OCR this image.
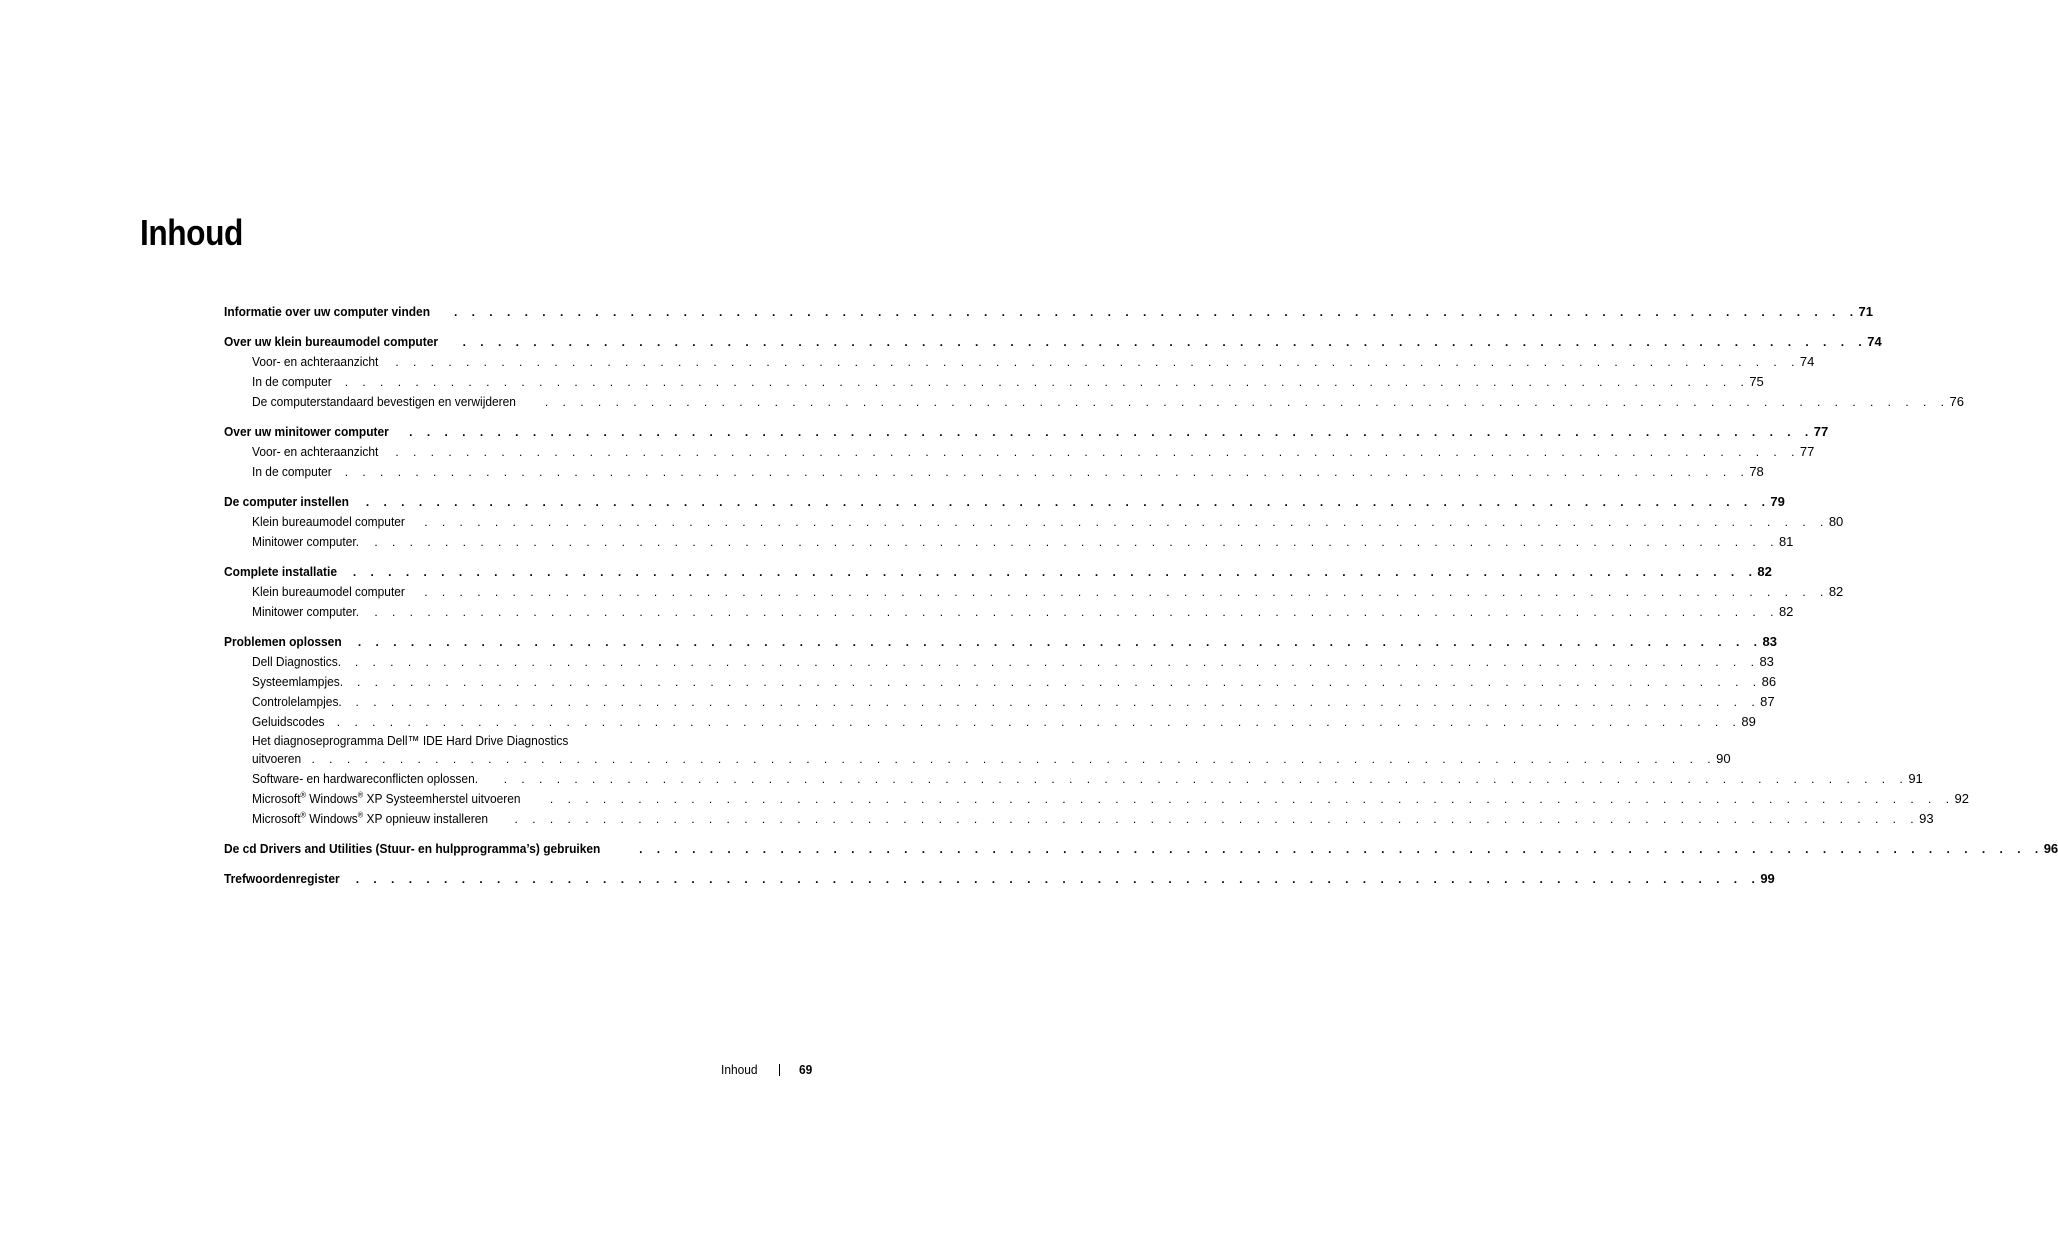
Inhoud
Informatie over uw computer vinden	. . . . . . . . . . . . . . . . . . . . . . . . . . . . . . . . . . . . . . . . . . . . . . . . . . . . . . . . . . . . . . . . . . . . . . . . . . . . . . . . 71
Over uw klein bureaumodel computer	. . . . . . . . . . . . . . . . . . . . . . . . . . . . . . . . . . . . . . . . . . . . . . . . . . . . . . . . . . . . . . . . . . . . . . . . . . . . . . . . 74
Voor- en achteraanzicht	. . . . . . . . . . . . . . . . . . . . . . . . . . . . . . . . . . . . . . . . . . . . . . . . . . . . . . . . . . . . . . . . . . . . . . . . . . . . . . . . 74
In de computer	. . . . . . . . . . . . . . . . . . . . . . . . . . . . . . . . . . . . . . . . . . . . . . . . . . . . . . . . . . . . . . . . . . . . . . . . . . . . . . . . 75
De computerstandaard bevestigen en verwijderen	. . . . . . . . . . . . . . . . . . . . . . . . . . . . . . . . . . . . . . . . . . . . . . . . . . . . . . . . . . . . . . . . . . . . . . . . . . . . . . . . 76
Over uw minitower computer	. . . . . . . . . . . . . . . . . . . . . . . . . . . . . . . . . . . . . . . . . . . . . . . . . . . . . . . . . . . . . . . . . . . . . . . . . . . . . . . . 77
Voor- en achteraanzicht	. . . . . . . . . . . . . . . . . . . . . . . . . . . . . . . . . . . . . . . . . . . . . . . . . . . . . . . . . . . . . . . . . . . . . . . . . . . . . . . . 77
In de computer	. . . . . . . . . . . . . . . . . . . . . . . . . . . . . . . . . . . . . . . . . . . . . . . . . . . . . . . . . . . . . . . . . . . . . . . . . . . . . . . . 78
De computer instellen	. . . . . . . . . . . . . . . . . . . . . . . . . . . . . . . . . . . . . . . . . . . . . . . . . . . . . . . . . . . . . . . . . . . . . . . . . . . . . . . . 79
Klein bureaumodel computer	. . . . . . . . . . . . . . . . . . . . . . . . . . . . . . . . . . . . . . . . . . . . . . . . . . . . . . . . . . . . . . . . . . . . . . . . . . . . . . . . 80
Minitower computer.	. . . . . . . . . . . . . . . . . . . . . . . . . . . . . . . . . . . . . . . . . . . . . . . . . . . . . . . . . . . . . . . . . . . . . . . . . . . . . . . . 81
Complete installatie	. . . . . . . . . . . . . . . . . . . . . . . . . . . . . . . . . . . . . . . . . . . . . . . . . . . . . . . . . . . . . . . . . . . . . . . . . . . . . . . . 82
Klein bureaumodel computer	. . . . . . . . . . . . . . . . . . . . . . . . . . . . . . . . . . . . . . . . . . . . . . . . . . . . . . . . . . . . . . . . . . . . . . . . . . . . . . . . 82
Minitower computer.	. . . . . . . . . . . . . . . . . . . . . . . . . . . . . . . . . . . . . . . . . . . . . . . . . . . . . . . . . . . . . . . . . . . . . . . . . . . . . . . . 82
Problemen oplossen	. . . . . . . . . . . . . . . . . . . . . . . . . . . . . . . . . . . . . . . . . . . . . . . . . . . . . . . . . . . . . . . . . . . . . . . . . . . . . . . . 83
Dell Diagnostics.	. . . . . . . . . . . . . . . . . . . . . . . . . . . . . . . . . . . . . . . . . . . . . . . . . . . . . . . . . . . . . . . . . . . . . . . . . . . . . . . . 83
Systeemlampjes.	. . . . . . . . . . . . . . . . . . . . . . . . . . . . . . . . . . . . . . . . . . . . . . . . . . . . . . . . . . . . . . . . . . . . . . . . . . . . . . . . 86
Controlelampjes.	. . . . . . . . . . . . . . . . . . . . . . . . . . . . . . . . . . . . . . . . . . . . . . . . . . . . . . . . . . . . . . . . . . . . . . . . . . . . . . . . 87
Geluidscodes	. . . . . . . . . . . . . . . . . . . . . . . . . . . . . . . . . . . . . . . . . . . . . . . . . . . . . . . . . . . . . . . . . . . . . . . . . . . . . . . . 89
Het diagnoseprogramma Dell™ IDE Hard Drive Diagnostics
uitvoeren . . . . . . . . . . . . . . . . . . . . . . . . . . . . . . . . . . . . . . . . . . . . . . . . . . . . . . . . . . . . . . . . . . . . . . . . . . . . . . . . 90
Software- en hardwareconflicten oplossen.	. . . . . . . . . . . . . . . . . . . . . . . . . . . . . . . . . . . . . . . . . . . . . . . . . . . . . . . . . . . . . . . . . . . . . . . . . . . . . . . . 91
Microsoft® Windows® XP Systeemherstel uitvoeren	. . . . . . . . . . . . . . . . . . . . . . . . . . . . . . . . . . . . . . . . . . . . . . . . . . . . . . . . . . . . . . . . . . . . . . . . . . . . . . . . 92
Microsoft® Windows® XP opnieuw installeren	. . . . . . . . . . . . . . . . . . . . . . . . . . . . . . . . . . . . . . . . . . . . . . . . . . . . . . . . . . . . . . . . . . . . . . . . . . . . . . . . 93
De cd Drivers and Utilities (Stuur- en hulpprogramma’s) gebruiken	. . . . . . . . . . . . . . . . . . . . . . . . . . . . . . . . . . . . . . . . . . . . . . . . . . . . . . . . . . . . . . . . . . . . . . . . . . . . . . . . 96
Trefwoordenregister	. . . . . . . . . . . . . . . . . . . . . . . . . . . . . . . . . . . . . . . . . . . . . . . . . . . . . . . . . . . . . . . . . . . . . . . . . . . . . . . . 99
Inhoud	69
